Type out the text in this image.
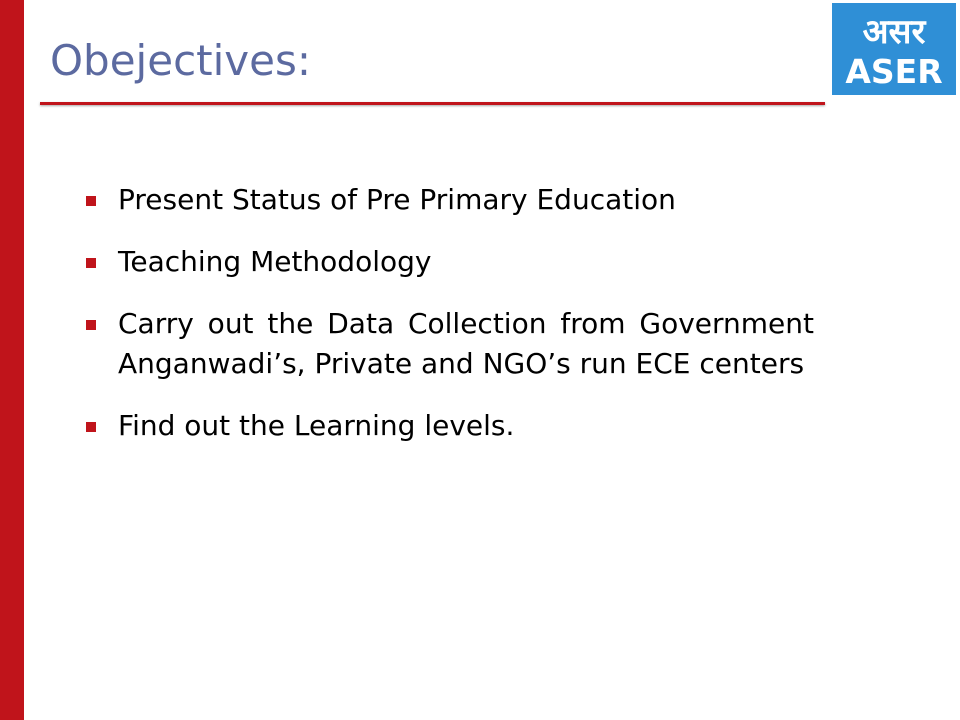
असर
ASER
Obejectives:
Present Status of Pre Primary Education
Teaching Methodology
Carry out the Data Collection from Government Anganwadi’s, Private and NGO’s run ECE centers
Find out the Learning levels.
